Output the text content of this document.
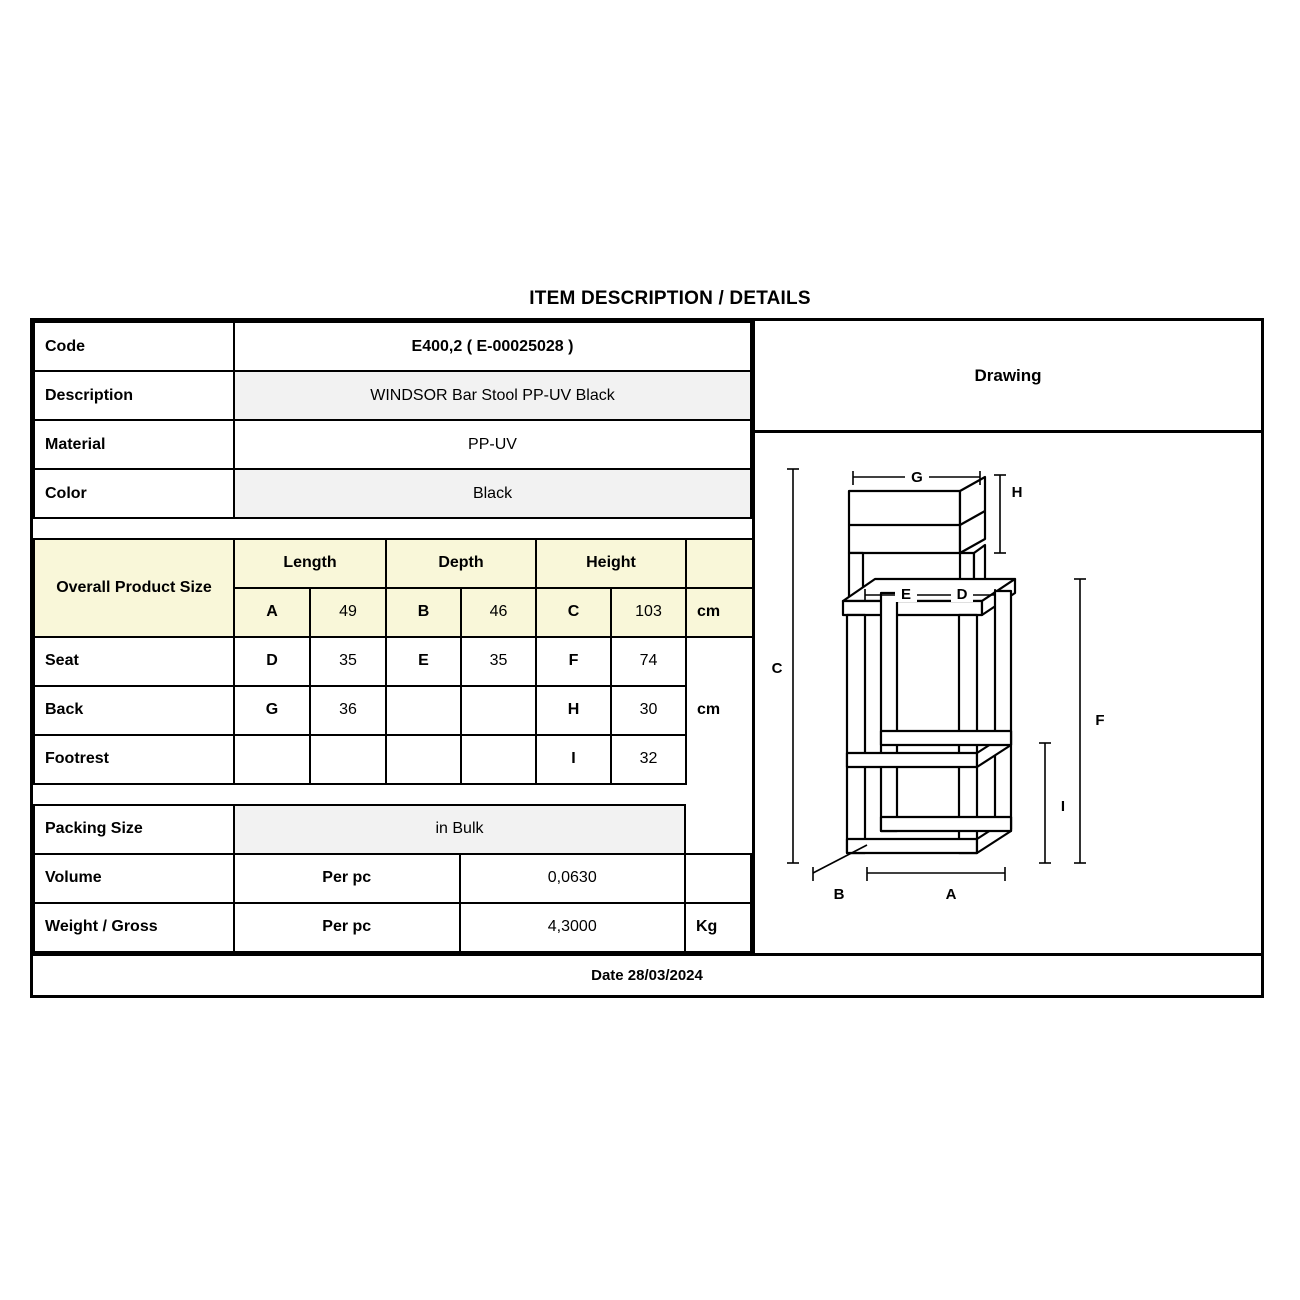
ITEM DESCRIPTION / DETAILS
Code	E400,2 ( E-00025028 )
Description	WINDSOR Bar Stool PP-UV Black
Material	PP-UV
Color	Black
Overall Product Size	Length		Depth		Height		
	A	49	B	46	C	103	cm
Seat	D	35	E	35	F	74	
Back	G	36			H	30	cm
Footrest					I	32	
Packing Size	in Bulk		
Volume	Per pc	0,0630	
Weight / Gross	Per pc	4,3000	Kg
Drawing
G
H
E	D
C
F
I
B	A
Date 28/03/2024
